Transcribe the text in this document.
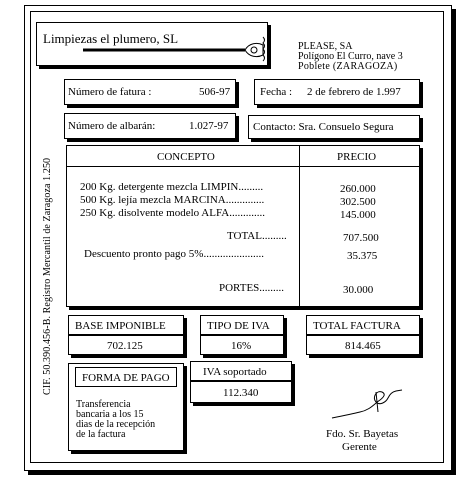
Limpiezas el plumero, SL
PLEASE, SA
Polígono El Curro, nave 3
Poblete (ZARAGOZA)
CIF. 50.390.456-B. Registro Mercantil de Zaragoza 1.250
Número de fatura :	506-97	Fecha : 2 de febrero de 1.997
Número de albarán:	1.027-97 Contacto: Sra. Consuelo Segura
CONCEPTO	PRECIO
200 Kg. detergente mezcla LIMPIN.........	260.000
500 Kg. lejía mezcla MARCINA..............	302.500
250 Kg. disolvente modelo ALFA.............	145.000
TOTAL.........	707.500
Descuento pronto pago 5%......................	35.375
PORTES.........	30.000
BASE IMPONIBLE
702.125
TIPO DE IVA
16%
TOTAL FACTURA
814.465
FORMA DE PAGO
Transferencia
bancaria a los 15
dias de la recepción
de la factura
IVA soportado
112.340
Fdo. Sr. Bayetas
Gerente
